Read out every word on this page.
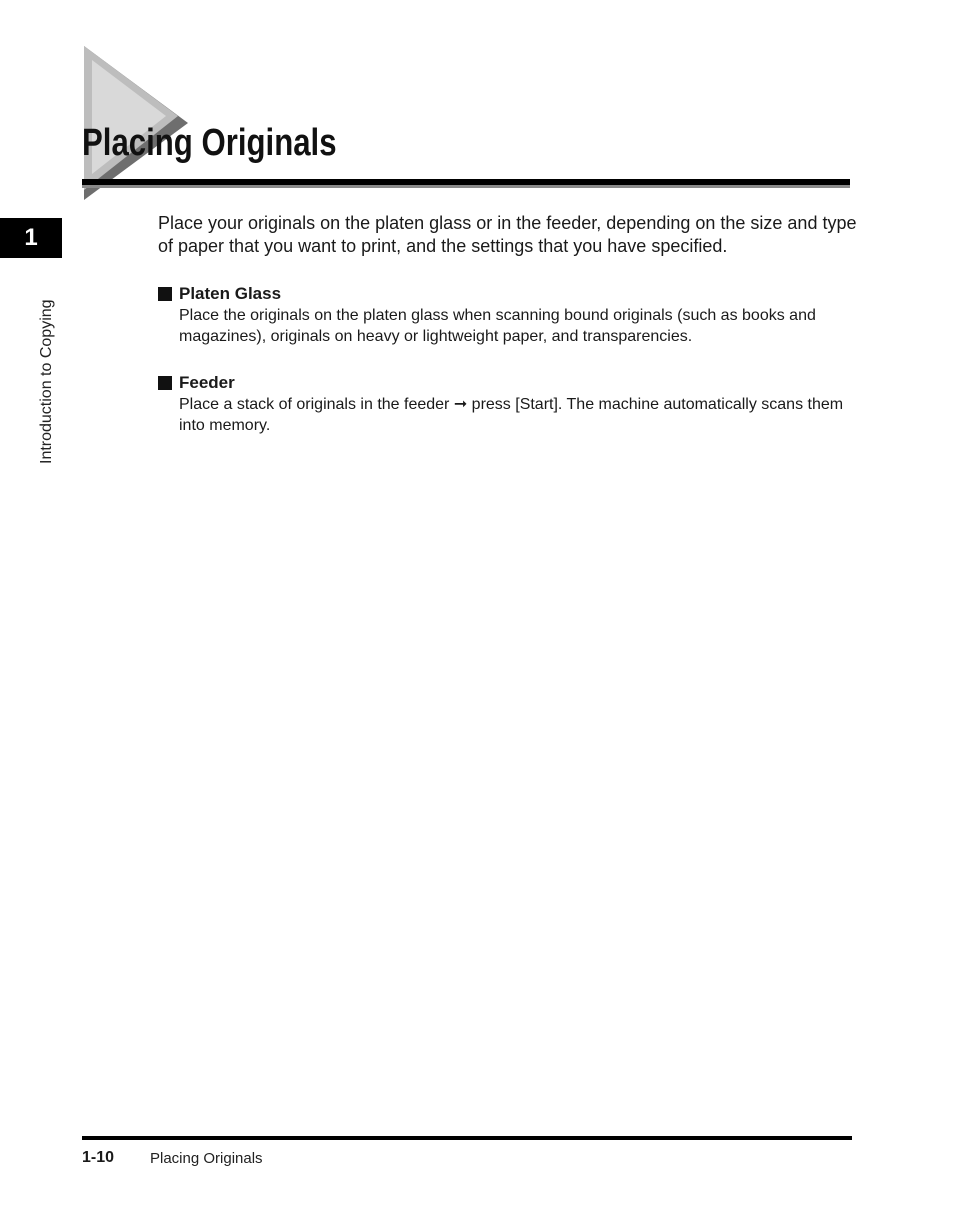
Placing Originals
1
Introduction to Copying

Place your originals on the platen glass or in the feeder, depending on the size and type of paper that you want to print, and the settings that you have specified.

Platen Glass

Place the originals on the platen glass when scanning bound originals (such as books and magazines), originals on heavy or lightweight paper, and transparencies.

Feeder

Place a stack of originals in the feeder ➞ press [Start]. The machine automatically scans them into memory.

1-10 Placing Originals
